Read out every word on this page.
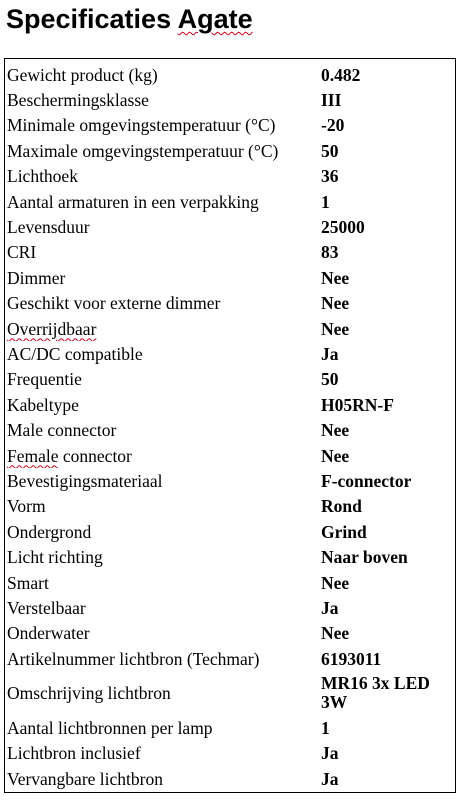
Specificaties Agate
Gewicht product (kg)	0.482
Beschermingsklasse	III
Minimale omgevingstemperatuur (°C)	-20
Maximale omgevingstemperatuur (°C)	50
Lichthoek	36
Aantal armaturen in een verpakking	1
Levensduur	25000
CRI	83
Dimmer	Nee
Geschikt voor externe dimmer	Nee
Overrijdbaar	Nee
AC/DC compatible	Ja
Frequentie	50
Kabeltype	H05RN-F
Male connector	Nee
Female connector	Nee
Bevestigingsmateriaal	F-connector
Vorm	Rond
Ondergrond	Grind
Licht richting	Naar boven
Smart	Nee
Verstelbaar	Ja
Onderwater	Nee
Artikelnummer lichtbron (Techmar)	6193011
Omschrijving lichtbron	MR16 3x LED 3W
Aantal lichtbronnen per lamp	1
Lichtbron inclusief	Ja
Vervangbare lichtbron	Ja
